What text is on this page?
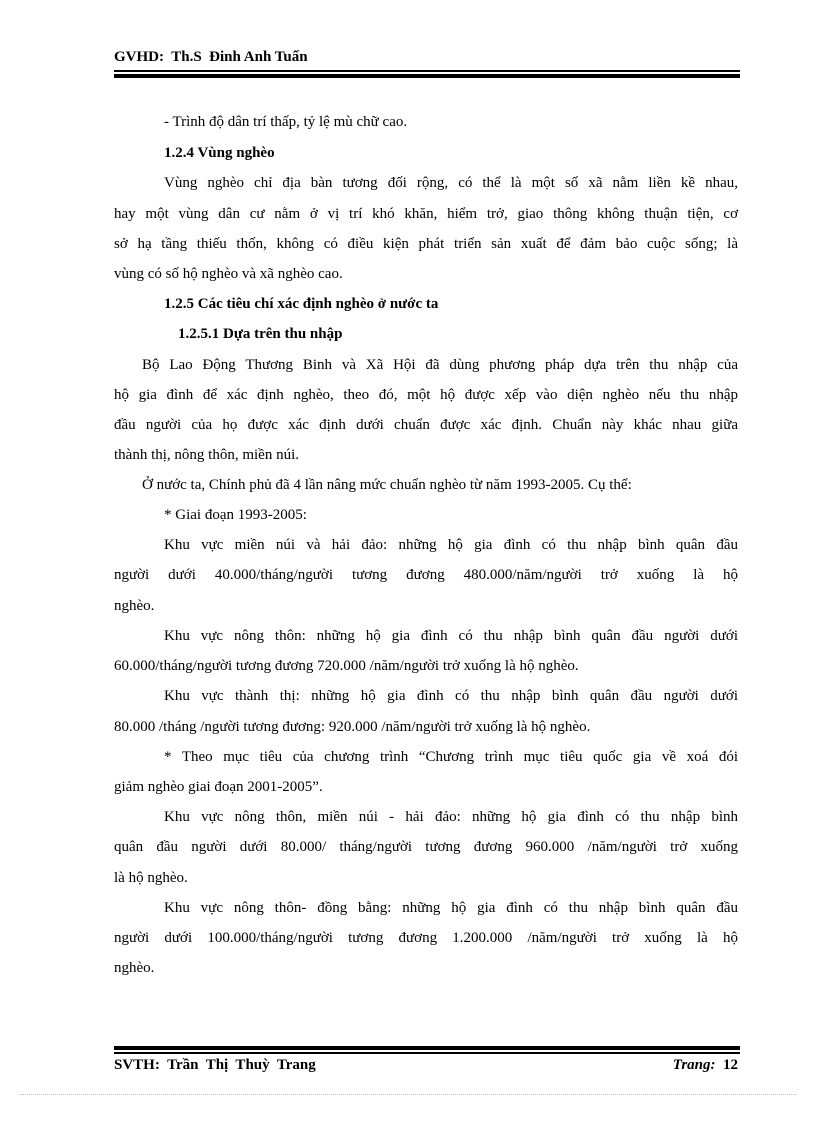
GVHD:  Th.S  Đinh Anh Tuấn
- Trình độ dân trí thấp, tỷ lệ mù chữ cao.
1.2.4 Vùng nghèo
Vùng nghèo chỉ địa bàn tương đối rộng, có thể là một số xã nằm liền kề nhau,
hay một vùng dân cư nằm ở vị trí khó khăn, hiểm trở, giao thông không thuận tiện, cơ
sở hạ tầng thiếu thốn, không có điều kiện phát triển sản xuất để đảm bảo cuộc sống; là
vùng có số hộ nghèo và xã nghèo cao.
1.2.5 Các tiêu chí xác định nghèo ở nước ta
1.2.5.1 Dựa trên thu nhập
Bộ Lao Động Thương Binh và Xã Hội đã dùng phương pháp dựa trên thu nhập của
hộ gia đình để xác định nghèo, theo đó, một hộ được xếp vào diện nghèo nếu thu nhập
đầu người của họ được xác định dưới chuẩn được xác định. Chuẩn này khác nhau giữa
thành thị, nông thôn, miền núi.
Ở nước ta, Chính phủ đã 4 lần nâng mức chuẩn nghèo từ năm 1993-2005. Cụ thể:
* Giai đoạn 1993-2005:
Khu vực miền núi và hải đảo: những hộ gia đình có thu nhập bình quân đầu
người dưới 40.000/tháng/người tương đương 480.000/năm/người trở xuống là hộ
nghèo.
Khu vực nông thôn: những hộ gia đình có thu nhập bình quân đầu người dưới
60.000/tháng/người tương đương 720.000 /năm/người trở xuống là hộ nghèo.
Khu vực thành thị: những hộ gia đình có thu nhập bình quân đầu người dưới
80.000 /tháng /người tương đương: 920.000 /năm/người trở xuống là hộ nghèo.
* Theo mục tiêu của chương trình “Chương trình mục tiêu quốc gia về xoá đói
giảm nghèo giai đoạn 2001-2005”.
Khu vực nông thôn, miền núi - hải đảo: những hộ gia đình có thu nhập bình
quân đầu người dưới 80.000/ tháng/người tương đương 960.000 /năm/người trở xuống
là hộ nghèo.
Khu vực nông thôn- đồng bằng: những hộ gia đình có thu nhập bình quân đầu
người dưới 100.000/tháng/người tương đương 1.200.000 /năm/người trở xuống là hộ
nghèo.
SVTH:  Trần  Thị  Thuỳ  Trang	Trang: 12
